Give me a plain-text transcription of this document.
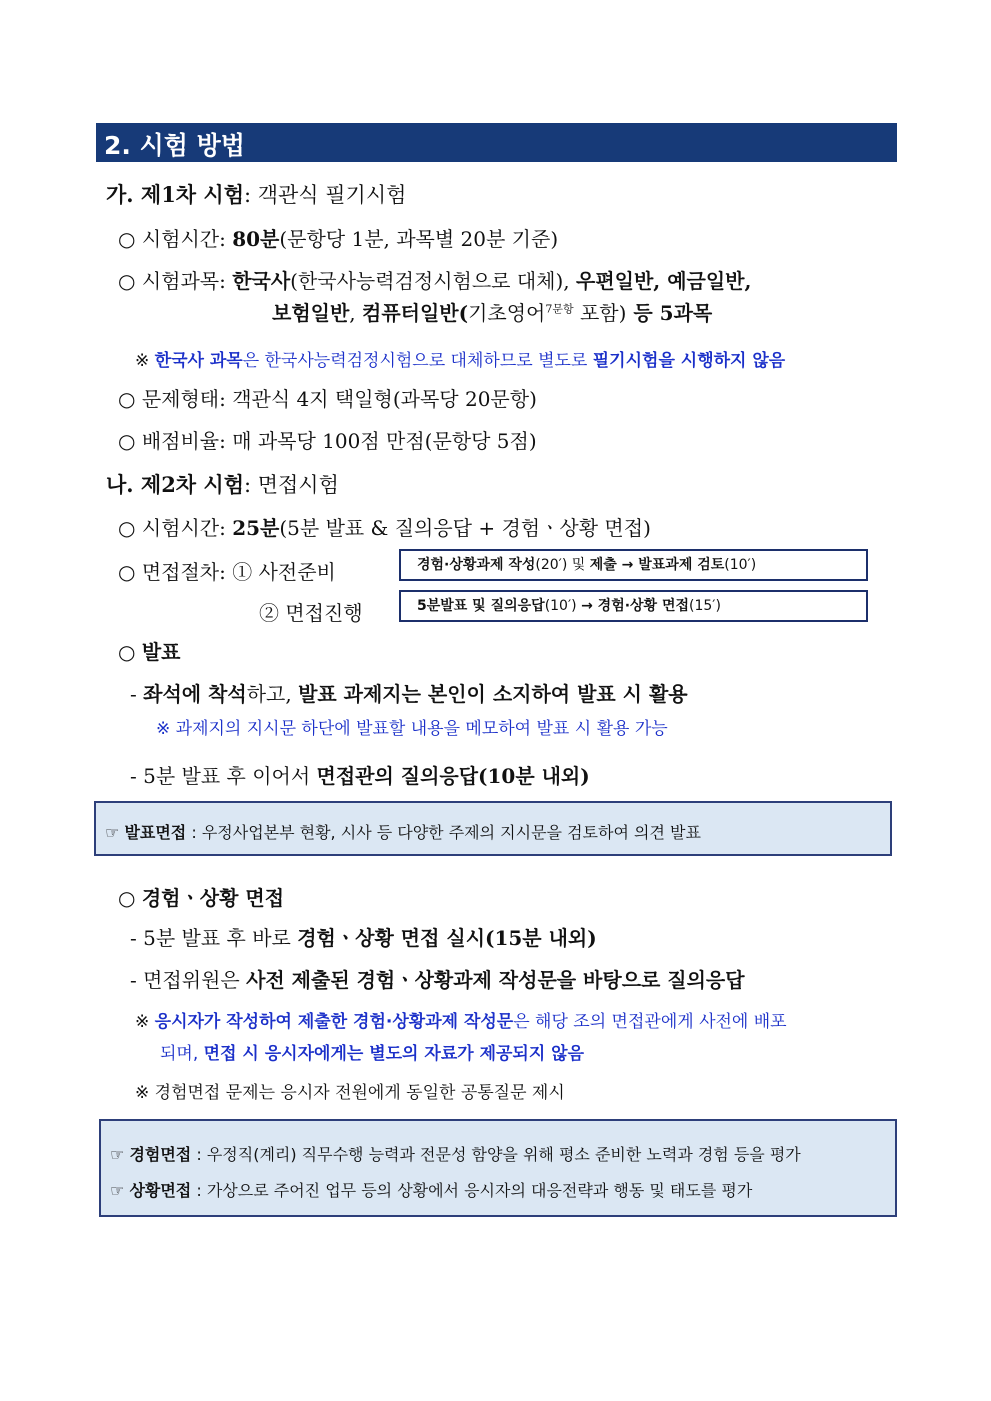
2. 시험 방법
가. 제1차 시험: 객관식 필기시험
○ 시험시간: 80분(문항당 1분, 과목별 20분 기준)
○ 시험과목: 한국사(한국사능력검정시험으로 대체), 우편일반, 예금일반,
보험일반, 컴퓨터일반(기초영어$^{7문항}$ 포함) 등 5과목
※ 한국사 과목은 한국사능력검정시험으로 대체하므로 별도로 필기시험을 시행하지 않음
○ 문제형태: 객관식 4지 택일형(과목당 20문항)
○ 배점비율: 매 과목당 100점 만점(문항당 5점)
나. 제2차 시험: 면접시험
○ 시험시간: 25분(5분 발표 & 질의응답 + 경험ㆍ상황 면접)
○ 면접절차: ① 사전준비
② 면접진행
경험·상황과제 작성(20′) 및 제출 → 발표과제 검토(10′)
5분발표 및 질의응답(10′) → 경험·상황 면접(15′)
○ 발표
- 좌석에 착석하고, 발표 과제지는 본인이 소지하여 발표 시 활용
※ 과제지의 지시문 하단에 발표할 내용을 메모하여 발표 시 활용 가능
- 5분 발표 후 이어서 면접관의 질의응답(10분 내외)
☞ 발표면접 : 우정사업본부 현황, 시사 등 다양한 주제의 지시문을 검토하여 의견 발표
○ 경험ㆍ상황 면접
- 5분 발표 후 바로 경험ㆍ상황 면접 실시(15분 내외)
- 면접위원은 사전 제출된 경험ㆍ상황과제 작성문을 바탕으로 질의응답
※ 응시자가 작성하여 제출한 경험·상황과제 작성문은 해당 조의 면접관에게 사전에 배포
되며, 면접 시 응시자에게는 별도의 자료가 제공되지 않음
※ 경험면접 문제는 응시자 전원에게 동일한 공통질문 제시
☞ 경험면접 : 우정직(계리) 직무수행 능력과 전문성 함양을 위해 평소 준비한 노력과 경험 등을 평가
☞ 상황면접 : 가상으로 주어진 업무 등의 상황에서 응시자의 대응전략과 행동 및 태도를 평가
